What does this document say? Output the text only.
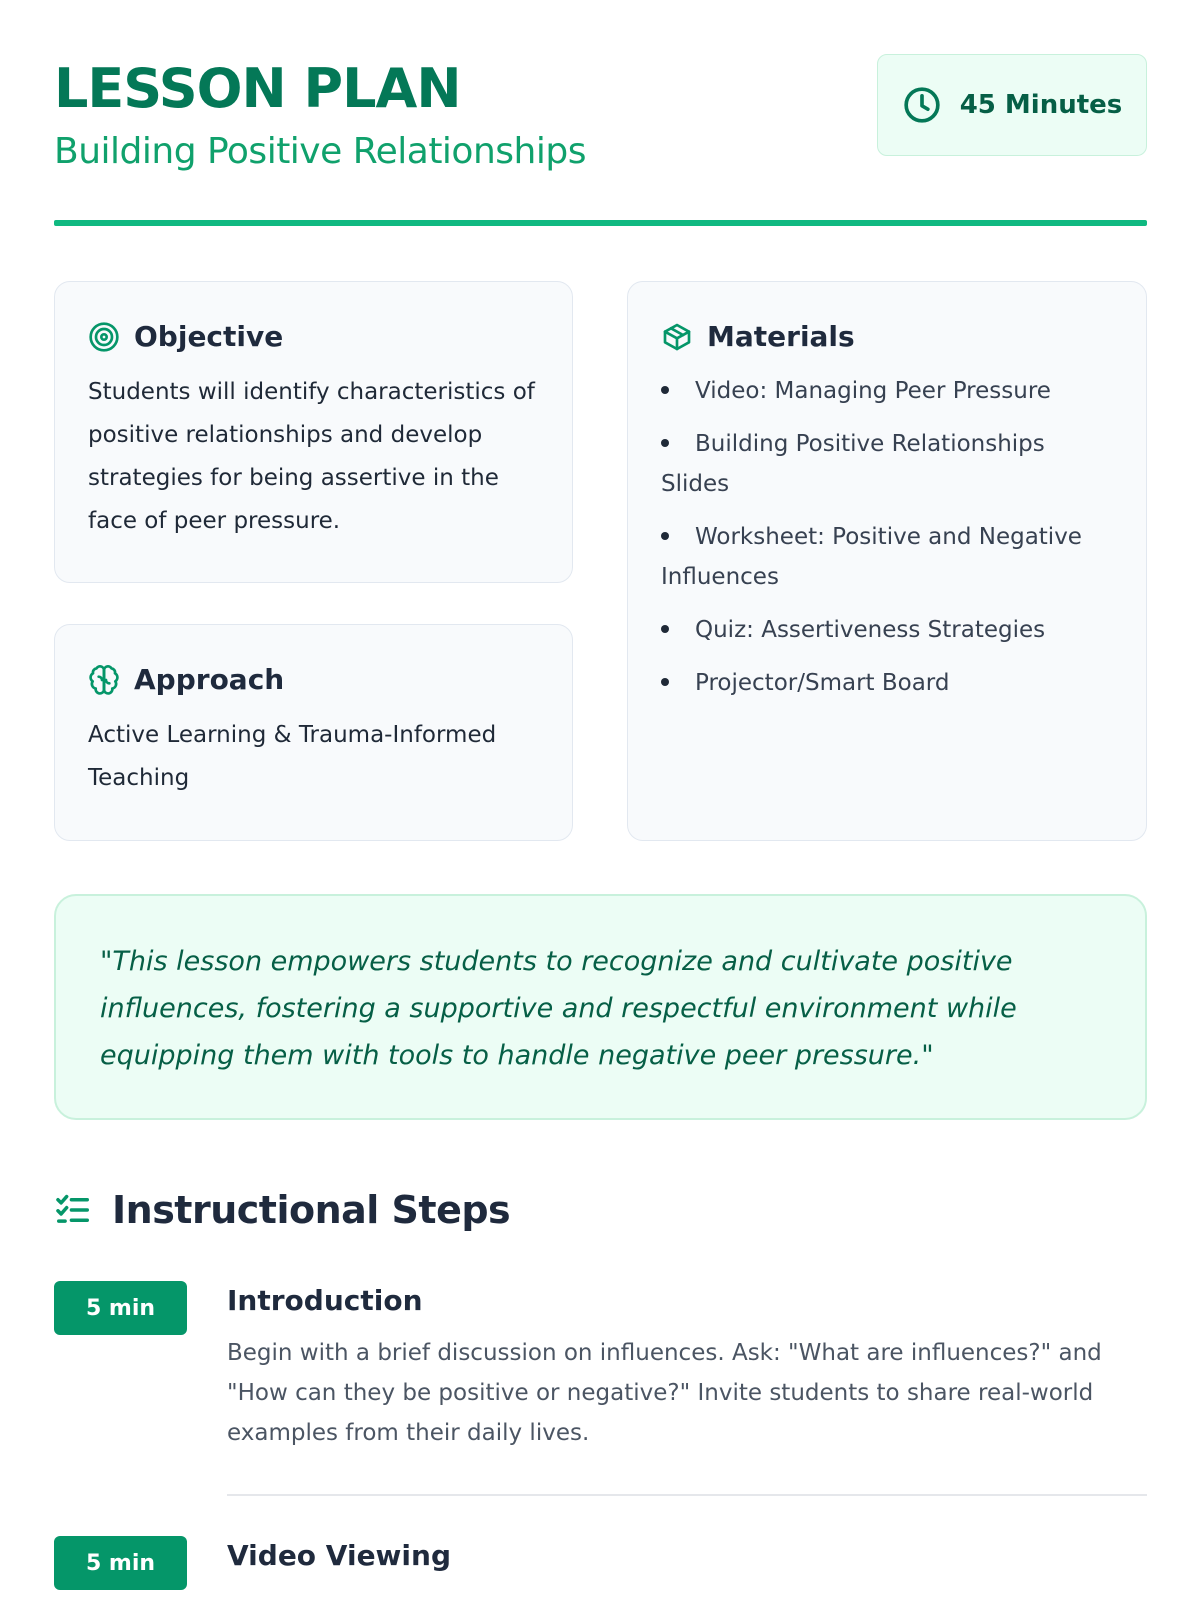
LESSON PLAN
Building Positive Relationships
45 Minutes
Objective

Students will identify characteristics of positive relationships and develop strategies for being assertive in the face of peer pressure.

Approach

Active Learning & Trauma-Informed Teaching

Materials
Video: Managing Peer Pressure
Building Positive Relationships Slides
Worksheet: Positive and Negative Influences
Quiz: Assertiveness Strategies
Projector/Smart Board

"This lesson empowers students to recognize and cultivate positive influences, fostering a supportive and respectful environment while equipping them with tools to handle negative peer pressure."

Instructional Steps
5 min	Introduction

Begin with a brief discussion on influences. Ask: "What are influences?" and "How can they be positive or negative?" Invite students to share real-world examples from their daily lives.

5 min	Video Viewing
